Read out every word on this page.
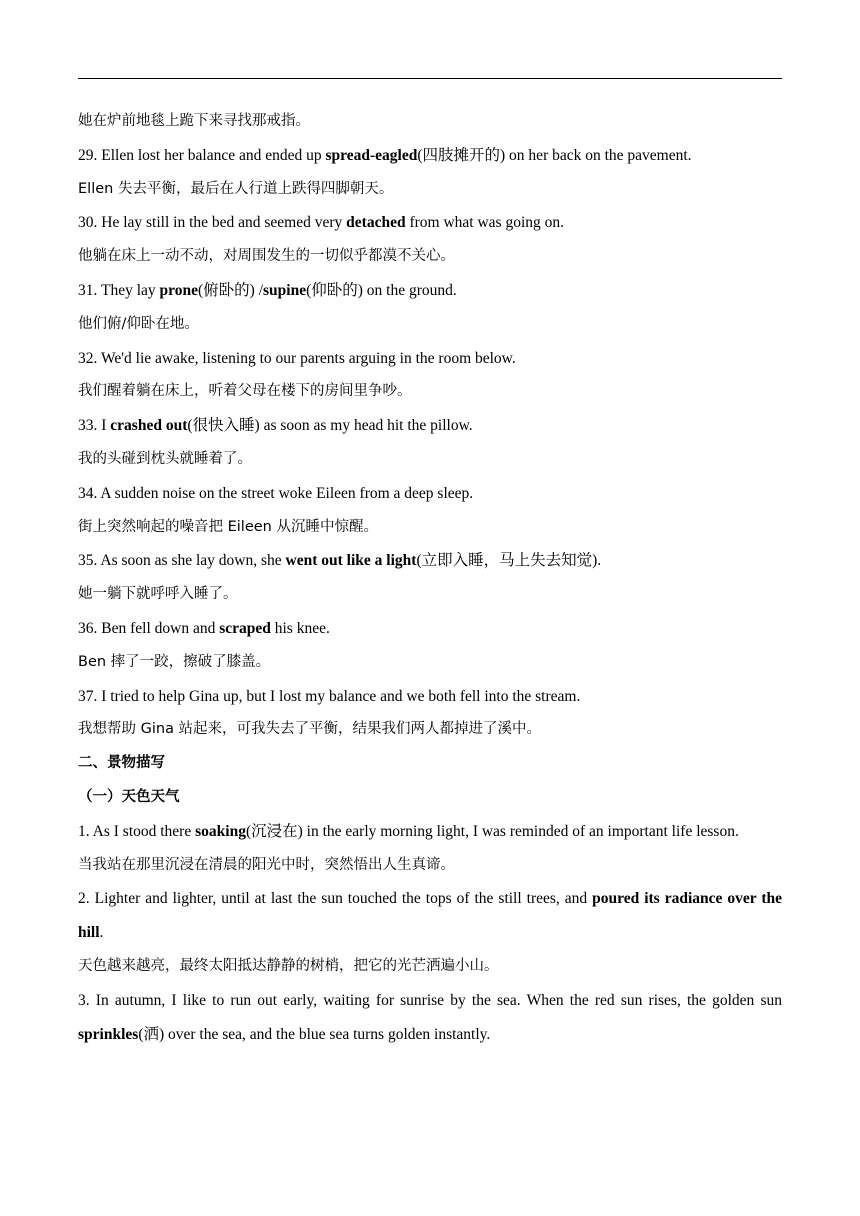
她在炉前地毯上跪下来寻找那戒指。
29. Ellen lost her balance and ended up spread-eagled(四肢摊开的) on her back on the pavement.
Ellen 失去平衡，最后在人行道上跌得四脚朝天。
30. He lay still in the bed and seemed very detached from what was going on.
他躺在床上一动不动，对周围发生的一切似乎都漠不关心。
31. They lay prone(俯卧的) /supine(仰卧的) on the ground.
他们俯/仰卧在地。
32. We'd lie awake, listening to our parents arguing in the room below.
我们醒着躺在床上，听着父母在楼下的房间里争吵。
33. I crashed out(很快入睡) as soon as my head hit the pillow.
我的头碰到枕头就睡着了。
34. A sudden noise on the street woke Eileen from a deep sleep.
街上突然响起的噪音把 Eileen 从沉睡中惊醒。
35. As soon as she lay down, she went out like a light(立即入睡，马上失去知觉).
她一躺下就呼呼入睡了。
36. Ben fell down and scraped his knee.
Ben 摔了一跤，擦破了膝盖。
37. I tried to help Gina up, but I lost my balance and we both fell into the stream.
我想帮助 Gina 站起来，可我失去了平衡，结果我们两人都掉进了溪中。
二、景物描写
（一）天色天气
1. As I stood there soaking(沉浸在) in the early morning light, I was reminded of an important life lesson.
当我站在那里沉浸在清晨的阳光中时，突然悟出人生真谛。
2. Lighter and lighter, until at last the sun touched the tops of the still trees, and poured its radiance over the hill.
天色越来越亮，最终太阳抵达静静的树梢，把它的光芒洒遍小山。
3. In autumn, I like to run out early, waiting for sunrise by the sea. When the red sun rises, the golden sun sprinkles(洒) over the sea, and the blue sea turns golden instantly.
